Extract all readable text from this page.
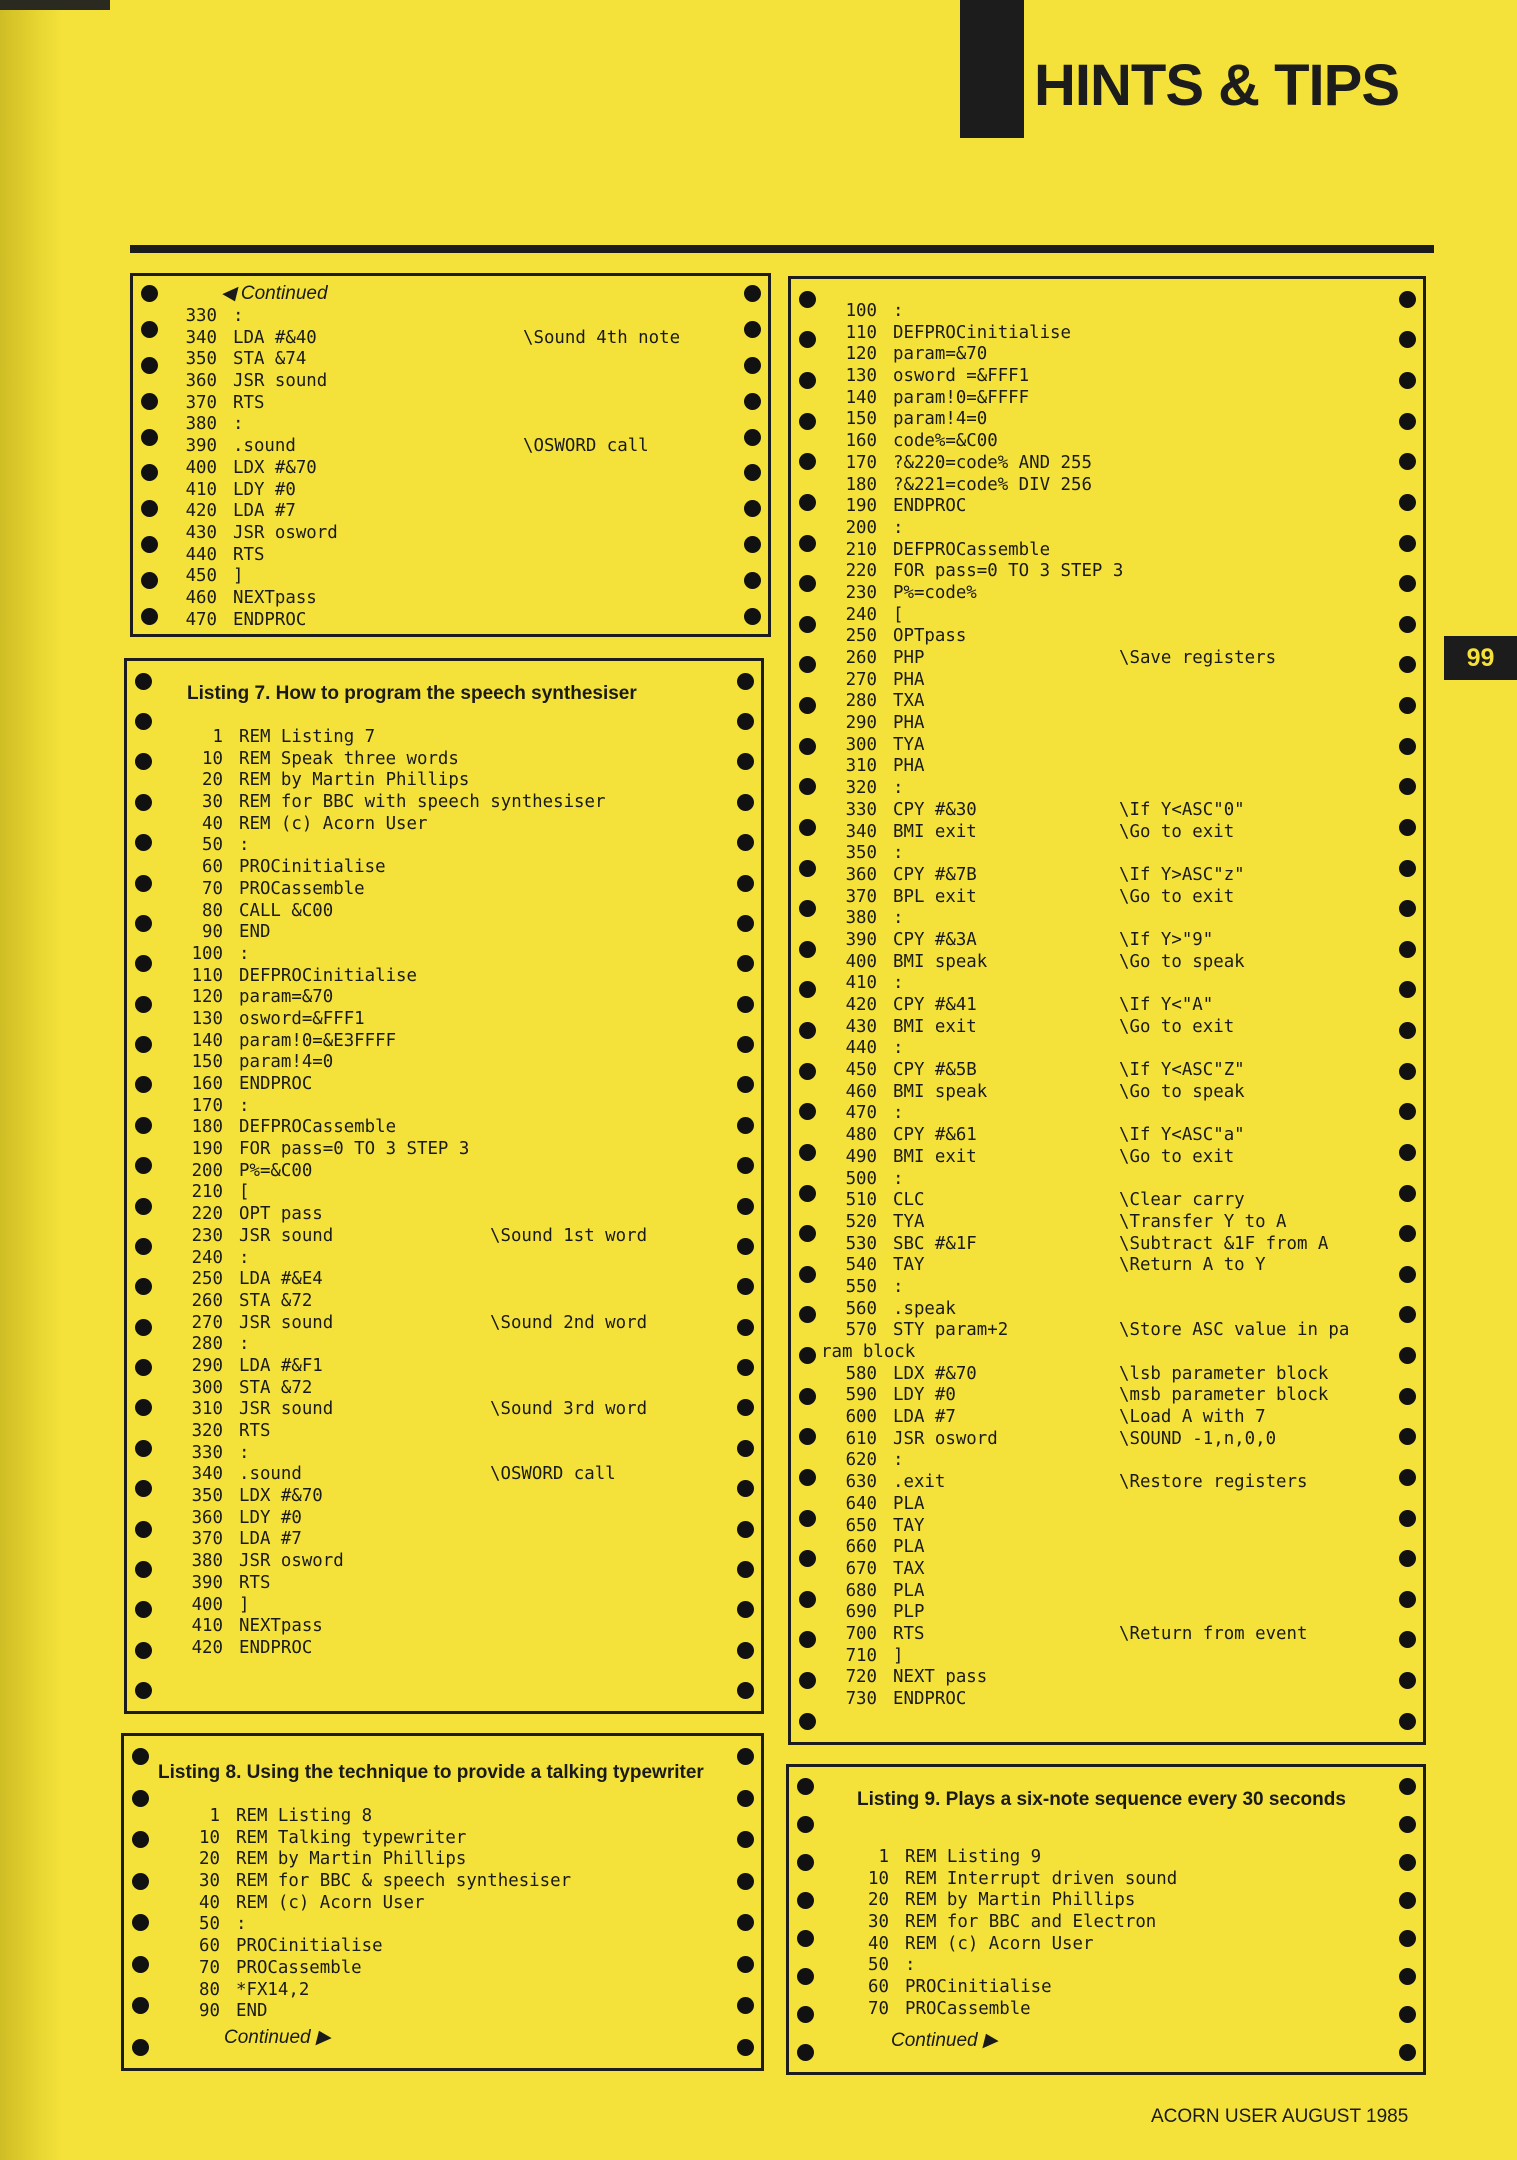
HINTS & TIPS
99
◀ Continued
330 :
340 LDA #&40	\Sound 4th note
350 STA &74
360 JSR sound
370 RTS
380 :
390 .sound	\OSWORD call
400 LDX #&70
410 LDY #0
420 LDA #7
430 JSR osword
440 RTS
450 ]
460 NEXTpass
470 ENDPROC
Listing 7. How to program the speech synthesiser
1 REM Listing 7
10 REM Speak three words
20 REM by Martin Phillips
30 REM for BBC with speech synthesiser
40 REM (c) Acorn User
50 :
60 PROCinitialise
70 PROCassemble
80 CALL &C00
90 END
100 :
110 DEFPROCinitialise
120 param=&70
130 osword=&FFF1
140 param!0=&E3FFFF
150 param!4=0
160 ENDPROC
170 :
180 DEFPROCassemble
190 FOR pass=0 TO 3 STEP 3
200 P%=&C00
210 [
220 OPT pass
230 JSR sound	\Sound 1st word
240 :
250 LDA #&E4
260 STA &72
270 JSR sound	\Sound 2nd word
280 :
290 LDA #&F1
300 STA &72
310 JSR sound	\Sound 3rd word
320 RTS
330 :
340 .sound	\OSWORD call
350 LDX #&70
360 LDY #0
370 LDA #7
380 JSR osword
390 RTS
400 ]
410 NEXTpass
420 ENDPROC
Listing 8. Using the technique to provide a talking typewriter
1 REM Listing 8
10 REM Talking typewriter
20 REM by Martin Phillips
30 REM for BBC & speech synthesiser
40 REM (c) Acorn User
50 :
60 PROCinitialise
70 PROCassemble
80 *FX14,2
90 END
Continued ▶
100 :
110 DEFPROCinitialise
120 param=&70
130 osword =&FFF1
140 param!0=&FFFF
150 param!4=0
160 code%=&C00
170 ?&220=code% AND 255
180 ?&221=code% DIV 256
190 ENDPROC
200 :
210 DEFPROCassemble
220 FOR pass=0 TO 3 STEP 3
230 P%=code%
240 [
250 OPTpass
260 PHP	\Save registers
270 PHA
280 TXA
290 PHA
300 TYA
310 PHA
320 :
330 CPY #&30	\If Y<ASC"0"
340 BMI exit	\Go to exit
350 :
360 CPY #&7B	\If Y>ASC"z"
370 BPL exit	\Go to exit
380 :
390 CPY #&3A	\If Y>"9"
400 BMI speak	\Go to speak
410 :
420 CPY #&41	\If Y<"A"
430 BMI exit	\Go to exit
440 :
450 CPY #&5B	\If Y<ASC"Z"
460 BMI speak	\Go to speak
470 :
480 CPY #&61	\If Y<ASC"a"
490 BMI exit	\Go to exit
500 :
510 CLC	\Clear carry
520 TYA	\Transfer Y to A
530 SBC #&1F	\Subtract &1F from A
540 TAY	\Return A to Y
550 :
560 .speak
570 STY param+2	\Store ASC value in pa
ram block
580 LDX #&70	\lsb parameter block
590 LDY #0	\msb parameter block
600 LDA #7	\Load A with 7
610 JSR osword	\SOUND -1,n,0,0
620 :
630 .exit	\Restore registers
640 PLA
650 TAY
660 PLA
670 TAX
680 PLA
690 PLP
700 RTS	\Return from event
710 ]
720 NEXT pass
730 ENDPROC
Listing 9. Plays a six-note sequence every 30 seconds
1 REM Listing 9
10 REM Interrupt driven sound
20 REM by Martin Phillips
30 REM for BBC and Electron
40 REM (c) Acorn User
50 :
60 PROCinitialise
70 PROCassemble
Continued ▶
ACORN USER AUGUST 1985
